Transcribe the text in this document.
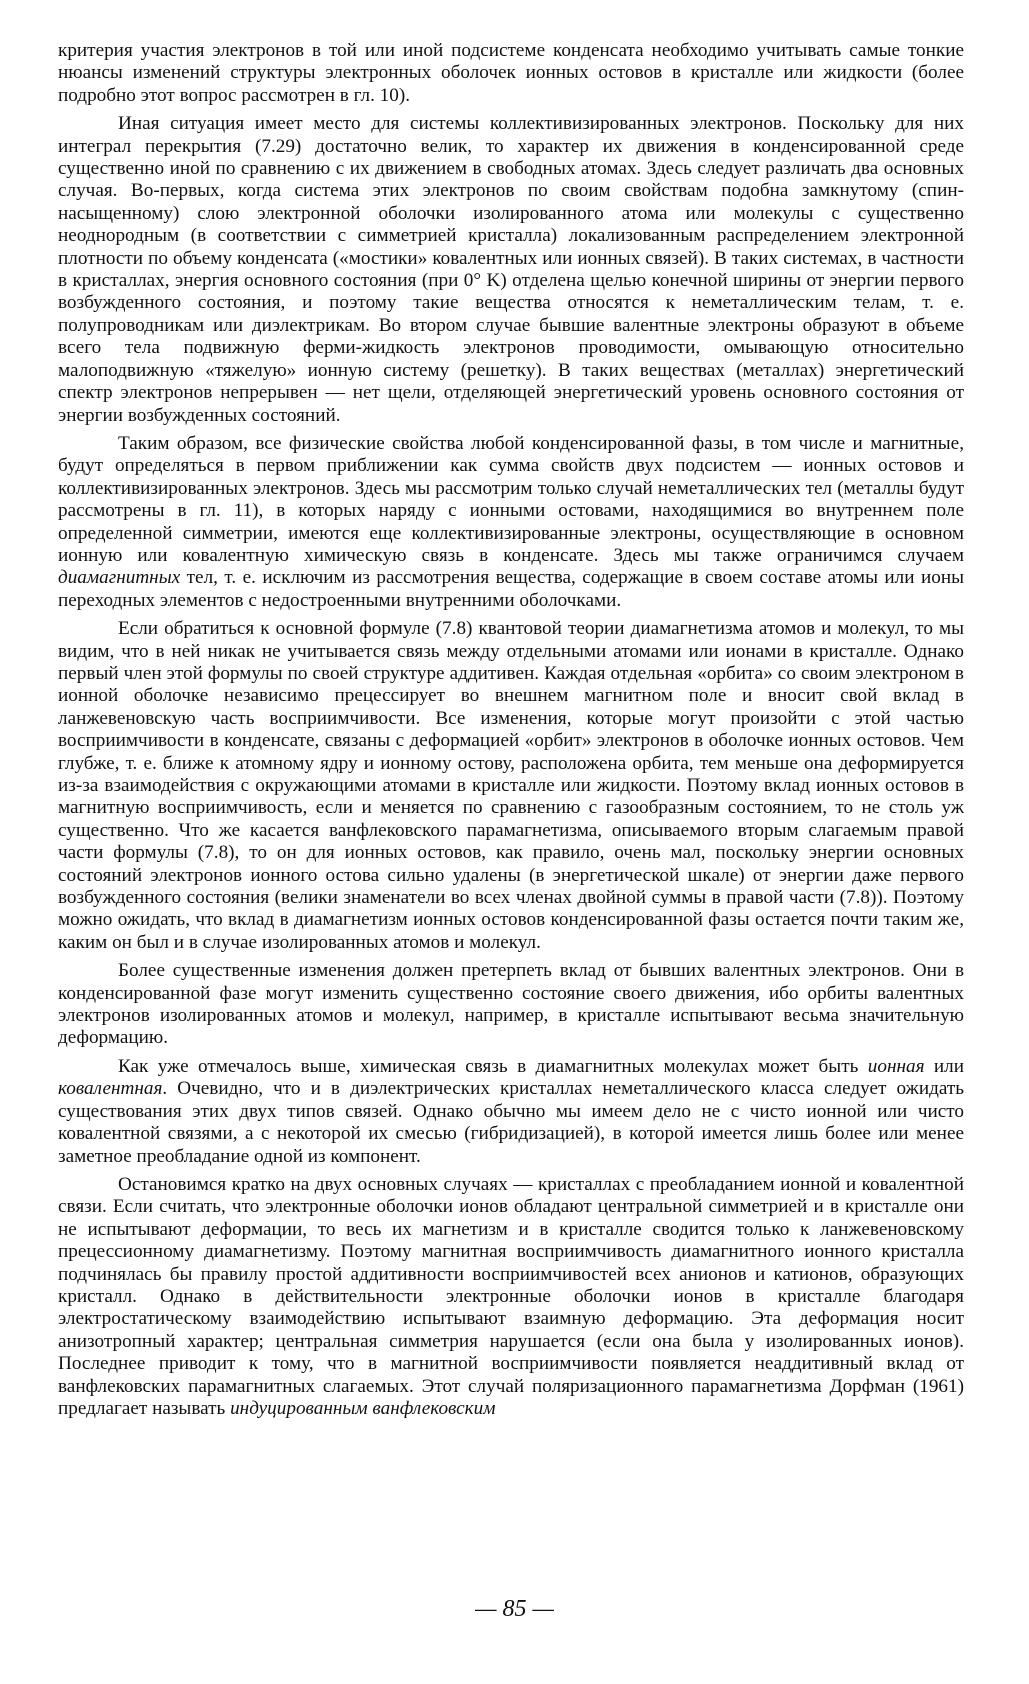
критерия участия электронов в той или иной подсистеме конденсата необходимо учитывать самые тонкие нюансы изменений структуры электронных оболочек ионных остовов в кристалле или жидкости (более подробно этот вопрос рассмотрен в гл. 10).

Иная ситуация имеет место для системы коллективизированных электронов. Поскольку для них интеграл перекрытия (7.29) достаточно велик, то характер их движения в конденсированной среде существенно иной по сравнению с их движением в свободных атомах. Здесь следует различать два основных случая. Во-первых, когда система этих электронов по своим свойствам подобна замкнутому (спин-насыщенному) слою электронной оболочки изолированного атома или молекулы с существенно неоднородным (в соответствии с симметрией кристалла) локализованным распределением электронной плотности по объему конденсата («мостики» ковалентных или ионных связей). В таких системах, в частности в кристаллах, энергия основного состояния (при 0° K) отделена щелью конечной ширины от энергии первого возбужденного состояния, и поэтому такие вещества относятся к неметаллическим телам, т. е. полупроводникам или диэлектрикам. Во втором случае бывшие валентные электроны образуют в объеме всего тела подвижную ферми-жидкость электронов проводимости, омывающую относительно малоподвижную «тяжелую» ионную систему (решетку). В таких веществах (металлах) энергетический спектр электронов непрерывен — нет щели, отделяющей энергетический уровень основного состояния от энергии возбужденных состояний.

Таким образом, все физические свойства любой конденсированной фазы, в том числе и магнитные, будут определяться в первом приближении как сумма свойств двух подсистем — ионных остовов и коллективизированных электронов. Здесь мы рассмотрим только случай неметаллических тел (металлы будут рассмотрены в гл. 11), в которых наряду с ионными остовами, находящимися во внутреннем поле определенной симметрии, имеются еще коллективизированные электроны, осуществляющие в основном ионную или ковалентную химическую связь в конденсате. Здесь мы также ограничимся случаем диамагнитных тел, т. е. исключим из рассмотрения вещества, содержащие в своем составе атомы или ионы переходных элементов с недостроенными внутренними оболочками.

Если обратиться к основной формуле (7.8) квантовой теории диамагнетизма атомов и молекул, то мы видим, что в ней никак не учитывается связь между отдельными атомами или ионами в кристалле. Однако первый член этой формулы по своей структуре аддитивен. Каждая отдельная «орбита» со своим электроном в ионной оболочке независимо прецессирует во внешнем магнитном поле и вносит свой вклад в ланжевеновскую часть восприимчивости. Все изменения, которые могут произойти с этой частью восприимчивости в конденсате, связаны с деформацией «орбит» электронов в оболочке ионных остовов. Чем глубже, т. е. ближе к атомному ядру и ионному остову, расположена орбита, тем меньше она деформируется из-за взаимодействия с окружающими атомами в кристалле или жидкости. Поэтому вклад ионных остовов в магнитную восприимчивость, если и меняется по сравнению с газообразным состоянием, то не столь уж существенно. Что же касается ванфлековского парамагнетизма, описываемого вторым слагаемым правой части формулы (7.8), то он для ионных остовов, как правило, очень мал, поскольку энергии основных состояний электронов ионного остова сильно удалены (в энергетической шкале) от энергии даже первого возбужденного состояния (велики знаменатели во всех членах двойной суммы в правой части (7.8)). Поэтому можно ожидать, что вклад в диамагнетизм ионных остовов конденсированной фазы остается почти таким же, каким он был и в случае изолированных атомов и молекул.

Более существенные изменения должен претерпеть вклад от бывших валентных электронов. Они в конденсированной фазе могут изменить существенно состояние своего движения, ибо орбиты валентных электронов изолированных атомов и молекул, например, в кристалле испытывают весьма значительную деформацию.

Как уже отмечалось выше, химическая связь в диамагнитных молекулах может быть ионная или ковалентная. Очевидно, что и в диэлектрических кристаллах неметаллического класса следует ожидать существования этих двух типов связей. Однако обычно мы имеем дело не с чисто ионной или чисто ковалентной связями, а с некоторой их смесью (гибридизацией), в которой имеется лишь более или менее заметное преобладание одной из компонент.

Остановимся кратко на двух основных случаях — кристаллах с преобладанием ионной и ковалентной связи. Если считать, что электронные оболочки ионов обладают центральной симметрией и в кристалле они не испытывают деформации, то весь их магнетизм и в кристалле сводится только к ланжевеновскому прецессионному диамагнетизму. Поэтому магнитная восприимчивость диамагнитного ионного кристалла подчинялась бы правилу простой аддитивности восприимчивостей всех анионов и катионов, образующих кристалл. Однако в действительности электронные оболочки ионов в кристалле благодаря электростатическому взаимодействию испытывают взаимную деформацию. Эта деформация носит анизотропный характер; центральная симметрия нарушается (если она была у изолированных ионов). Последнее приводит к тому, что в магнитной восприимчивости появляется неаддитивный вклад от ванфлековских парамагнитных слагаемых. Этот случай поляризационного парамагнетизма Дорфман (1961) предлагает называть индуцированным ванфлековским

— 85 —
